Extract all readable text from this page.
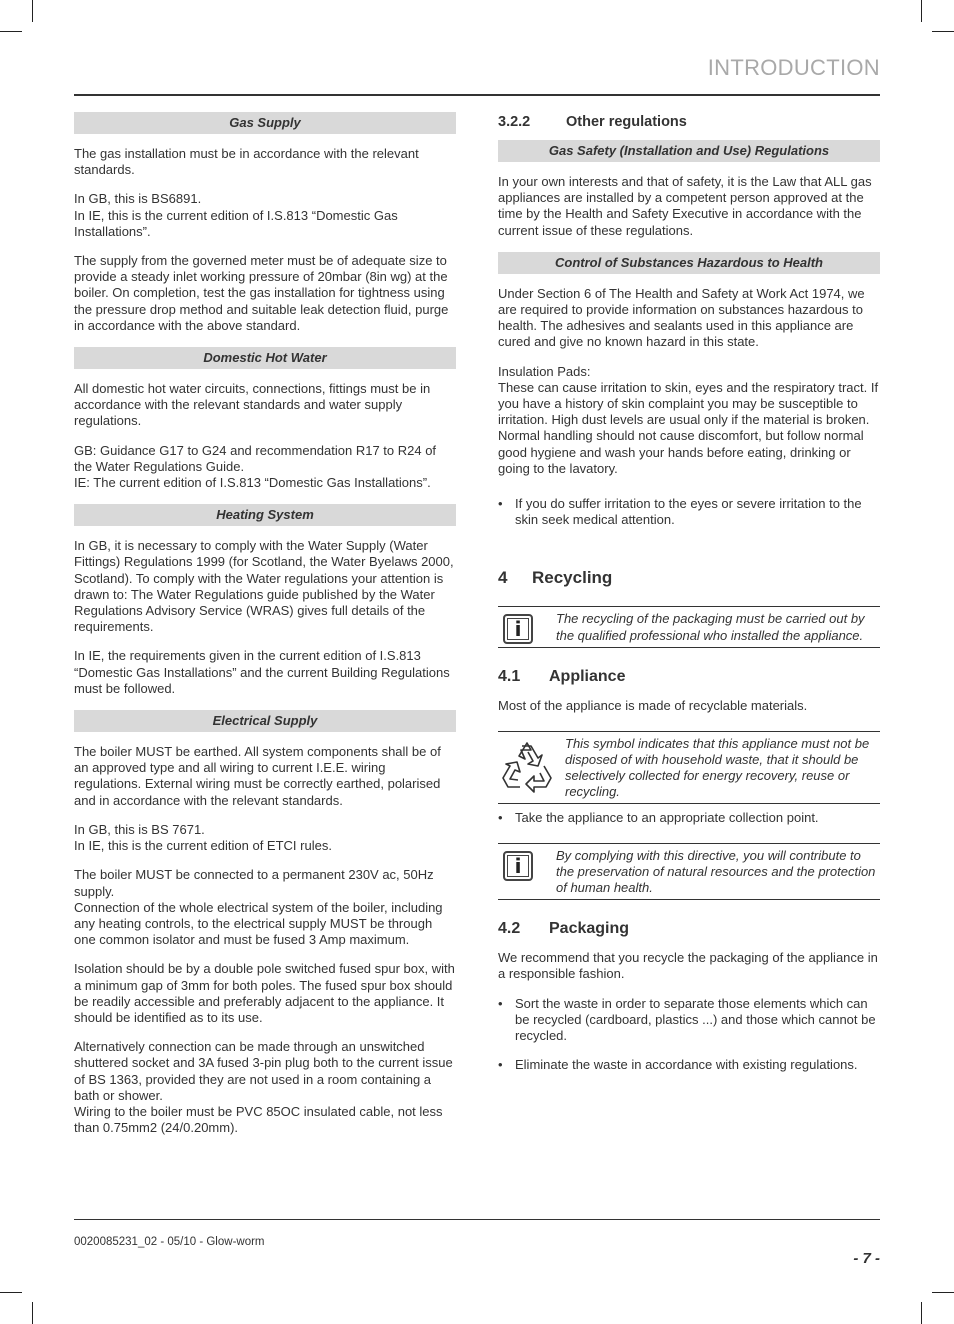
INTRODUCTION
Gas Supply

The gas installation must be in accordance with the relevant standards.

In GB, this is BS6891.
In IE, this is the current edition of I.S.813 “Domestic Gas Installations”.

The supply from the governed meter must be of adequate size to provide a steady inlet working pressure of 20mbar (8in wg) at the boiler. On completion, test the gas installation for tightness using the pressure drop method and suitable leak detection fluid, purge in accordance with the above standard.

Domestic Hot Water

All domestic hot water circuits, connections, fittings must be in accordance with the relevant standards and water supply regulations.

GB: Guidance G17 to G24 and recommendation R17 to R24 of the Water Regulations Guide.
IE: The current edition of I.S.813 “Domestic Gas Installations”.

Heating System

In GB, it is necessary to comply with the Water Supply (Water Fittings) Regulations 1999 (for Scotland, the Water Byelaws 2000, Scotland). To comply with the Water regulations your attention is drawn to: The Water Regulations guide published by the Water Regulations Advisory Service (WRAS) gives full details of the requirements.

In IE, the requirements given in the current edition of I.S.813 “Domestic Gas Installations” and the current Building Regulations must be followed.

Electrical Supply

The boiler MUST be earthed. All system components shall be of an approved type and all wiring to current I.E.E. wiring regulations. External wiring must be correctly earthed, polarised and in accordance with the relevant standards.

In GB, this is BS 7671.
In IE, this is the current edition of ETCI rules.

The boiler MUST be connected to a permanent 230V ac, 50Hz supply.
Connection of the whole electrical system of the boiler, including any heating controls, to the electrical supply MUST be through one common isolator and must be fused 3 Amp maximum.

Isolation should be by a double pole switched fused spur box, with a minimum gap of 3mm for both poles. The fused spur box should be readily accessible and preferably adjacent to the appliance. It should be identified as to its use.

Alternatively connection can be made through an unswitched shuttered socket and 3A fused 3-pin plug both to the current issue of BS 1363, provided they are not used in a room containing a bath or shower.
Wiring to the boiler must be PVC 85OC insulated cable, not less than 0.75mm2 (24/0.20mm).

3.2.2 Other regulations
Gas Safety (Installation and Use) Regulations

In your own interests and that of safety, it is the Law that ALL gas appliances are installed by a competent person approved at the time by the Health and Safety Executive in accordance with the current issue of these regulations.

Control of Substances Hazardous to Health

Under Section 6 of The Health and Safety at Work Act 1974, we are required to provide information on substances hazardous to health. The adhesives and sealants used in this appliance are cured and give no known hazard in this state.

Insulation Pads:
These can cause irritation to skin, eyes and the respiratory tract. If you have a history of skin complaint you may be susceptible to irritation. High dust levels are usual only if the material is broken.
Normal handling should not cause discomfort, but follow normal good hygiene and wash your hands before eating, drinking or going to the lavatory.

• If you do suffer irritation to the eyes or severe irritation to the skin seek medical attention.
4 Recycling
i	The recycling of the packaging must be carried out by the qualified professional who installed the appliance.
4.1 Appliance

Most of the appliance is made of recyclable materials.

This symbol indicates that this appliance must not be disposed of with household waste, that it should be selectively collected for energy recovery, reuse or recycling.
• Take the appliance to an appropriate collection point.
i	By complying with this directive, you will contribute to the preservation of natural resources and the protection of human health.
4.2 Packaging

We recommend that you recycle the packaging of the appliance in a responsible fashion.

• Sort the waste in order to separate those elements which can be recycled (cardboard, plastics ...) and those which cannot be recycled.
• Eliminate the waste in accordance with existing regulations.
0020085231_02 - 05/10 - Glow-worm
- 7 -
